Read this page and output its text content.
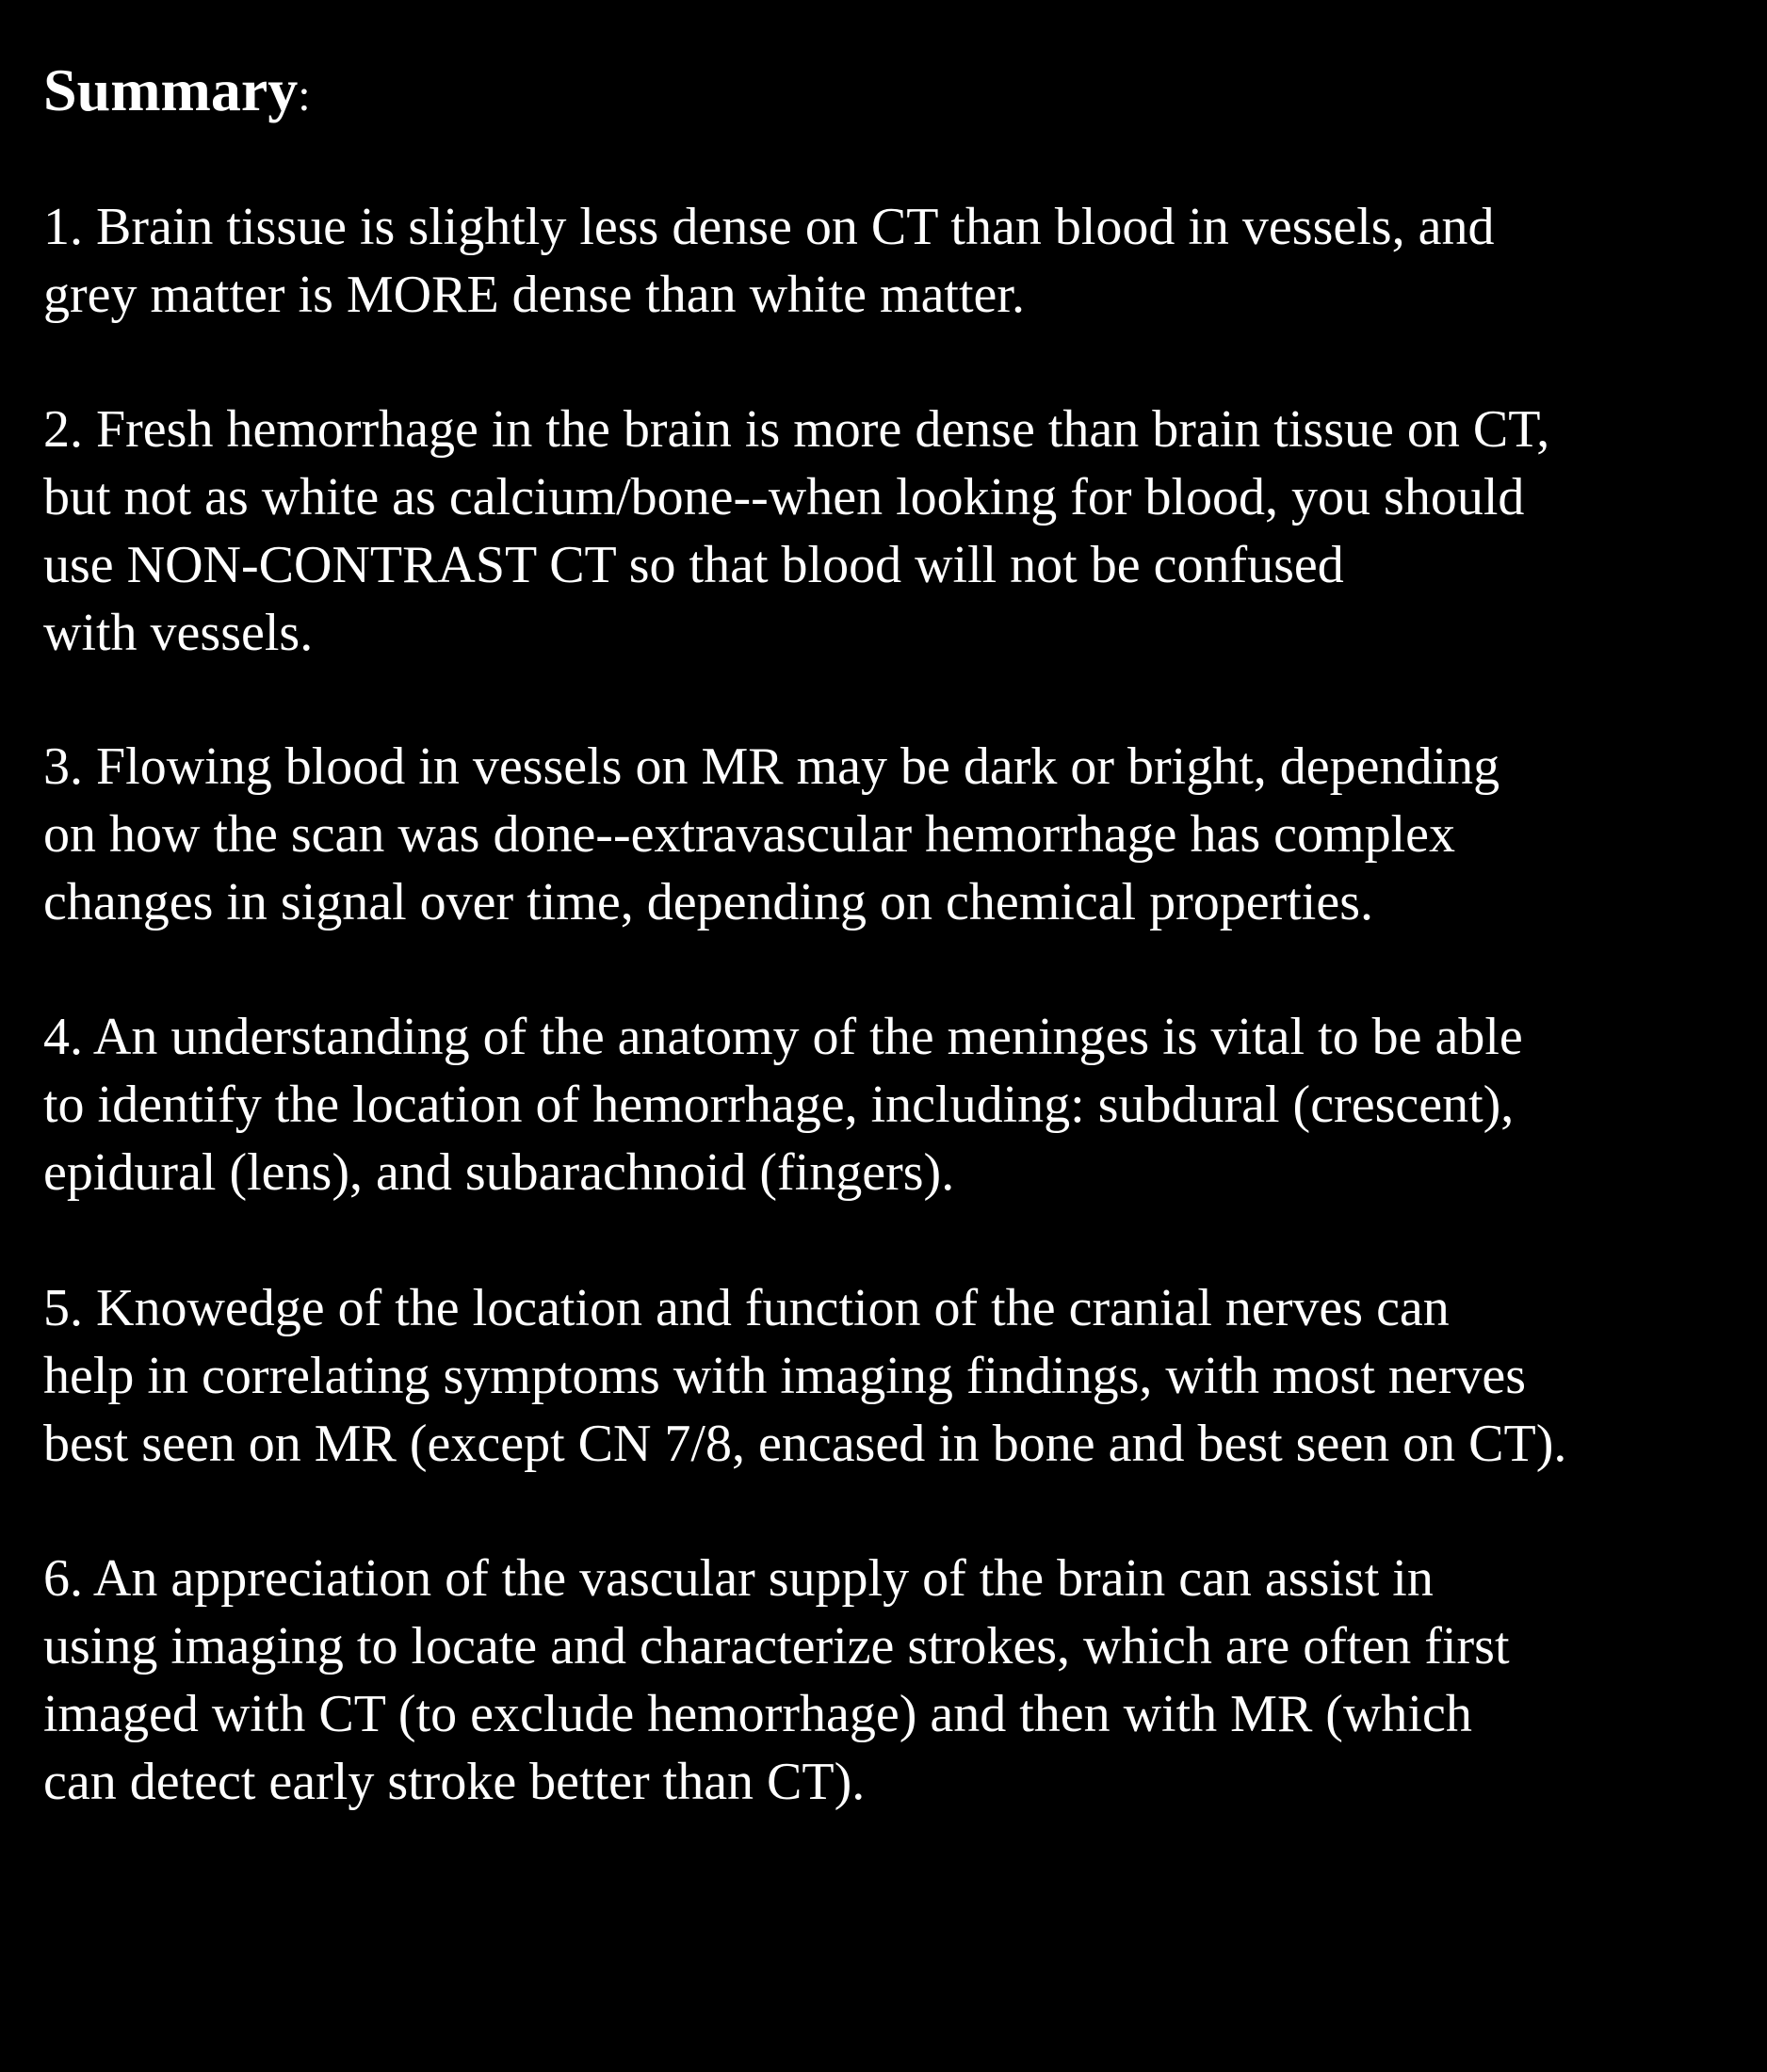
Summary:

1. Brain tissue is slightly less dense on CT than blood in vessels, and
grey matter is MORE dense than white matter.

2. Fresh hemorrhage in the brain is more dense than brain tissue on CT,
but not as white as calcium/bone--when looking for blood, you should
use NON-CONTRAST CT so that blood will not be confused
with vessels.

3. Flowing blood in vessels on MR may be dark or bright, depending
on how the scan was done--extravascular hemorrhage has complex
changes in signal over time, depending on chemical properties.

4. An understanding of the anatomy of the meninges is vital to be able
to identify the location of hemorrhage, including: subdural (crescent),
epidural (lens), and subarachnoid (fingers).

5. Knowedge of the location and function of the cranial nerves can
help in correlating symptoms with imaging findings, with most nerves
best seen on MR (except CN 7/8, encased in bone and best seen on CT).

6. An appreciation of the vascular supply of the brain can assist in
using imaging to locate and characterize strokes, which are often first
imaged with CT (to exclude hemorrhage) and then with MR (which
can detect early stroke better than CT).
